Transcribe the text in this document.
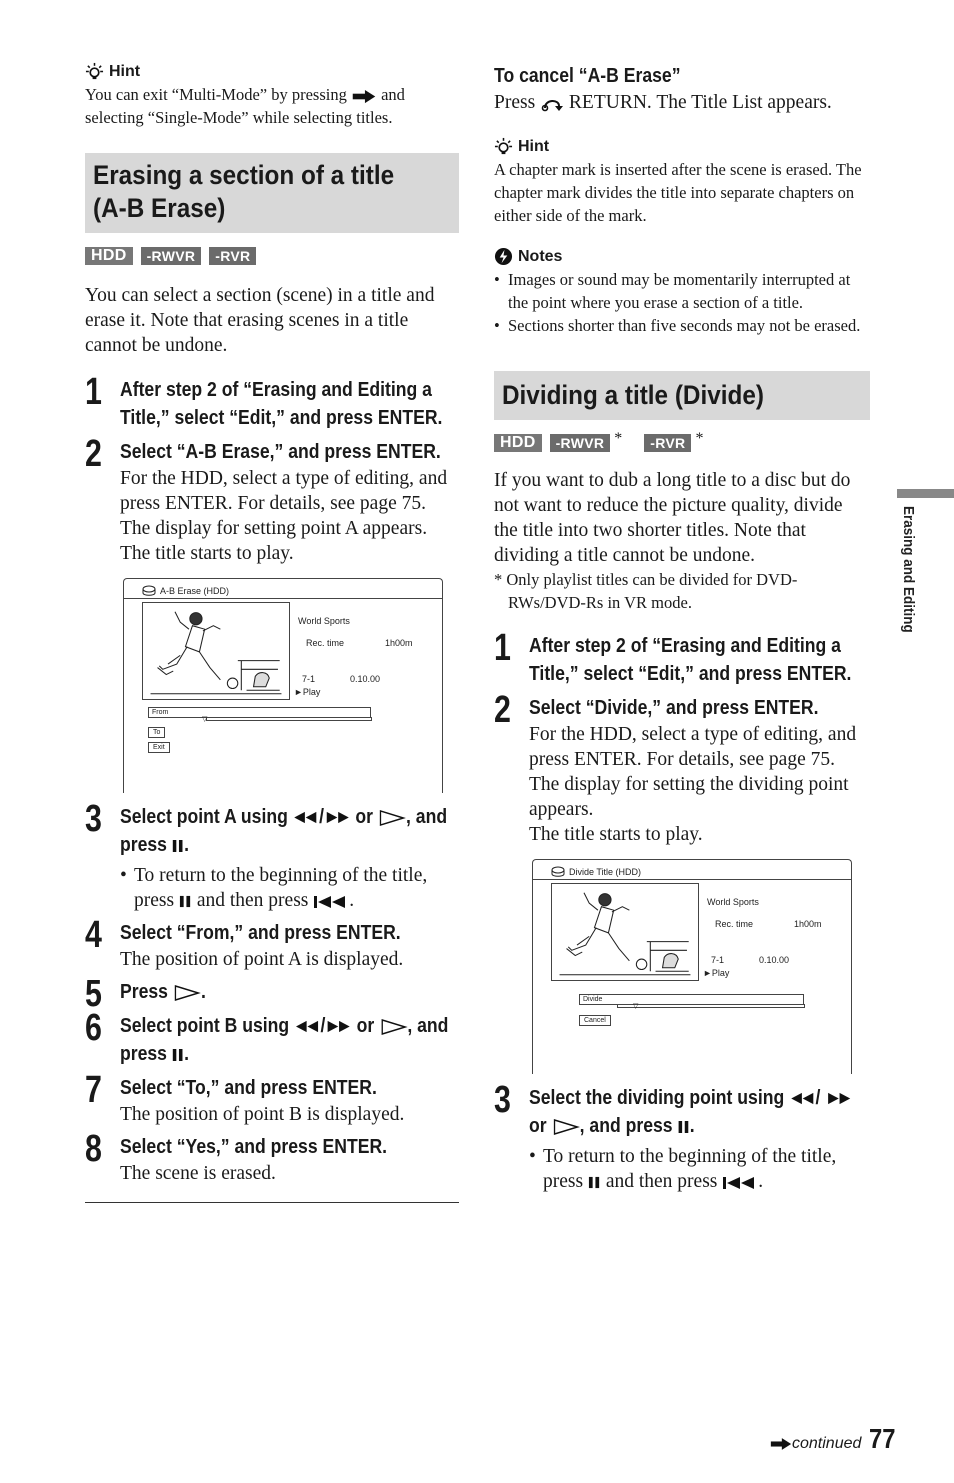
Hint
You can exit “Multi-Mode” by pressing  and selecting “Single-Mode” while selecting titles.
Erasing a section of a title
(A-B Erase)
HDD	-RWVR	-RVR
You can select a section (scene) in a title and erase it. Note that erasing scenes in a title cannot be undone.
1 After step 2 of “Erasing and Editing a Title,” select “Edit,” and press ENTER.
2 Select “A-B Erase,” and press ENTER.
For the HDD, select a type of editing, and press ENTER. For details, see page 75.
The display for setting point A appears. The title starts to play.
A-B Erase (HDD)
World Sports
Rec. time	1h00m
7-1	0.10.00
►Play
From
▽
To
Exit
3 Select point A using / or , and press .
• To return to the beginning of the title, press  and then press .
4 Select “From,” and press ENTER.
The position of point A is displayed.
5 Press .
6 Select point B using / or , and press .
7 Select “To,” and press ENTER.
The position of point B is displayed.
8 Select “Yes,” and press ENTER.
The scene is erased.
To cancel “A-B Erase”
Press  RETURN. The Title List appears.
Hint
A chapter mark is inserted after the scene is erased. The chapter mark divides the title into separate chapters on either side of the mark.
Notes
• Images or sound may be momentarily interrupted at the point where you erase a section of a title.
• Sections shorter than five seconds may not be erased.
Dividing a title (Divide)
HDD	-RWVR *	-RVR *
If you want to dub a long title to a disc but do not want to reduce the picture quality, divide the title into two shorter titles. Note that dividing a title cannot be undone.
* Only playlist titles can be divided for DVD-RWs/DVD-Rs in VR mode.
1 After step 2 of “Erasing and Editing a Title,” select “Edit,” and press ENTER.
2 Select “Divide,” and press ENTER.
For the HDD, select a type of editing, and press ENTER. For details, see page 75.
The display for setting the dividing point appears.
The title starts to play.
Divide Title (HDD)
World Sports
Rec. time	1h00m
7-1	0.10.00
►Play
Divide
▽
Cancel
3 Select the dividing point using /  or , and press .
• To return to the beginning of the title, press  and then press .
Erasing and Editing
continued 77
